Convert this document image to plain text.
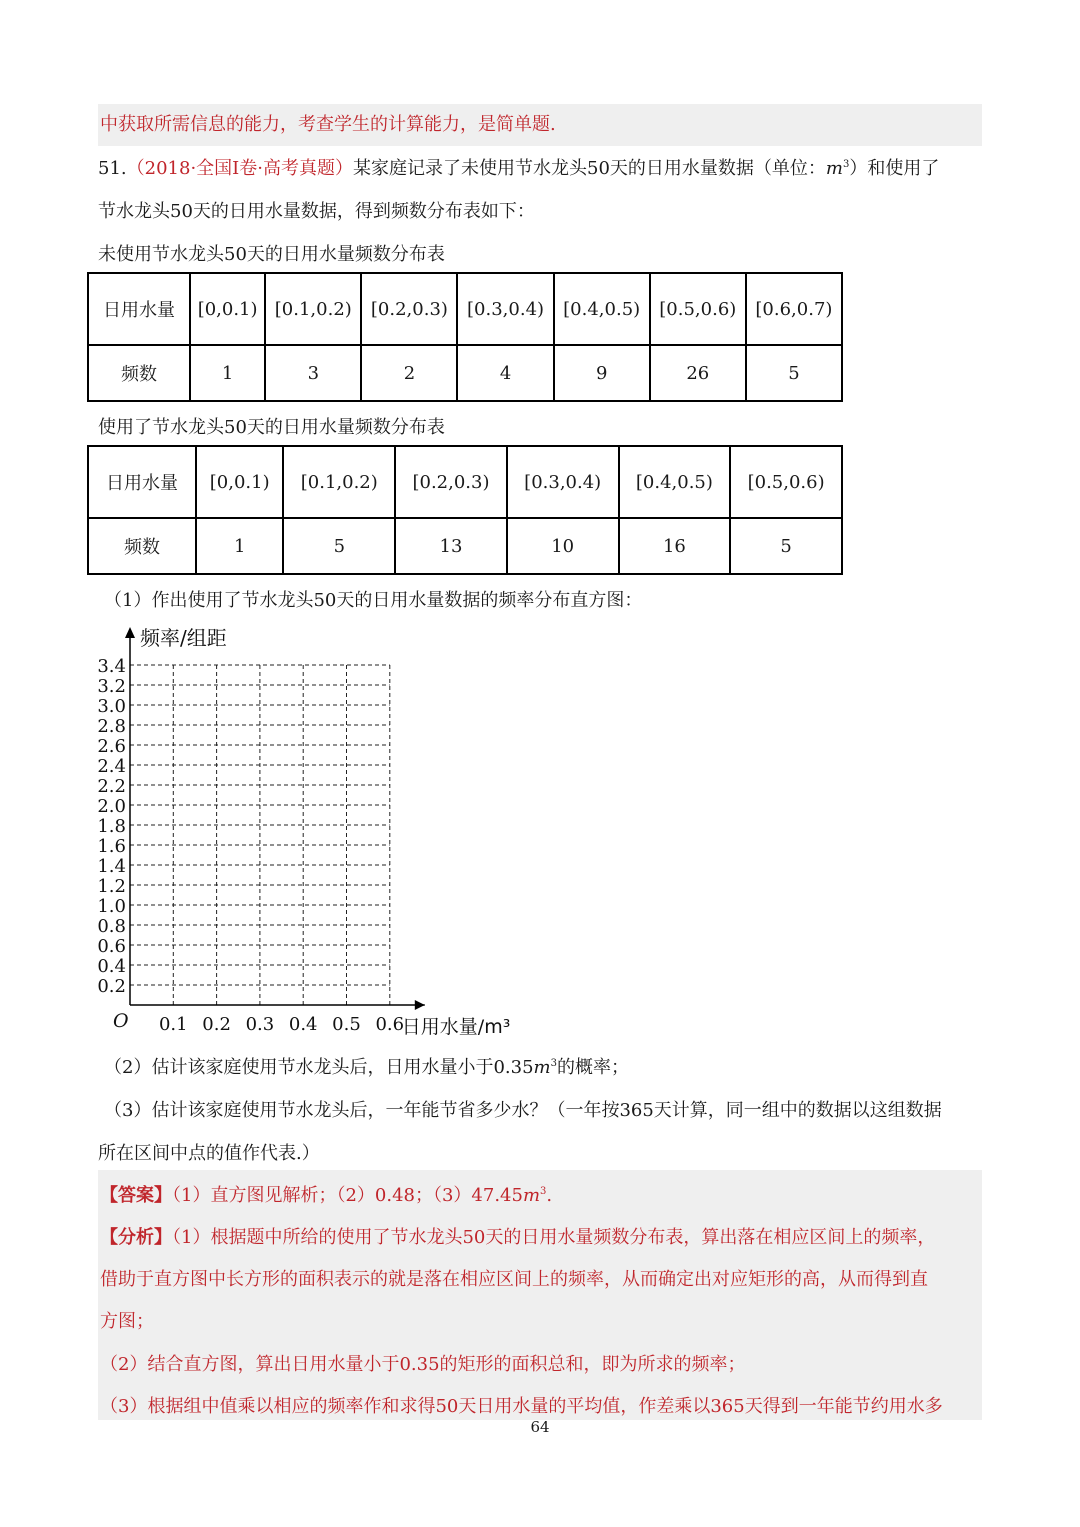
中获取所需信息的能力，考查学生的计算能力，是简单题.
51.（2018·全国Ⅰ卷·高考真题）某家庭记录了未使用节水龙头50天的日用水量数据（单位：$m^3$）和使用了
节水龙头50天的日用水量数据，得到频数分布表如下：
未使用节水龙头50天的日用水量频数分布表
日用水量	[0,0.1)	[0.1,0.2)	[0.2,0.3)	[0.3,0.4)	[0.4,0.5)	[0.5,0.6)	[0.6,0.7)
频数	1	3	2	4	9	26	5
使用了节水龙头50天的日用水量频数分布表
日用水量	[0,0.1)	[0.1,0.2)	[0.2,0.3)	[0.3,0.4)	[0.4,0.5)	[0.5,0.6)
频数	1	5	13	10	16	5
（1）作出使用了节水龙头50天的日用水量数据的频率分布直方图：
3.4
3.2
3.0
2.8
2.6
2.4
2.2
2.0
1.8
1.6
1.4
1.2
1.0
0.8
0.6
0.4
0.2
0.1 0.2 0.3 0.4 0.5 0.6
O
频率/组距
日用水量/m³
（2）估计该家庭使用节水龙头后，日用水量小于$0.35m^3$的概率；
（3）估计该家庭使用节水龙头后，一年能节省多少水？（一年按365天计算，同一组中的数据以这组数据
所在区间中点的值作代表.）
【答案】（1）直方图见解析；（2）0.48；$(3)47.45m^3$.
【分析】（1）根据题中所给的使用了节水龙头50天的日用水量频数分布表，算出落在相应区间上的频率，
借助于直方图中长方形的面积表示的就是落在相应区间上的频率，从而确定出对应矩形的高，从而得到直
方图；
（2）结合直方图，算出日用水量小于0.35的矩形的面积总和，即为所求的频率；
（3）根据组中值乘以相应的频率作和求得50天日用水量的平均值，作差乘以365天得到一年能节约用水多
64
